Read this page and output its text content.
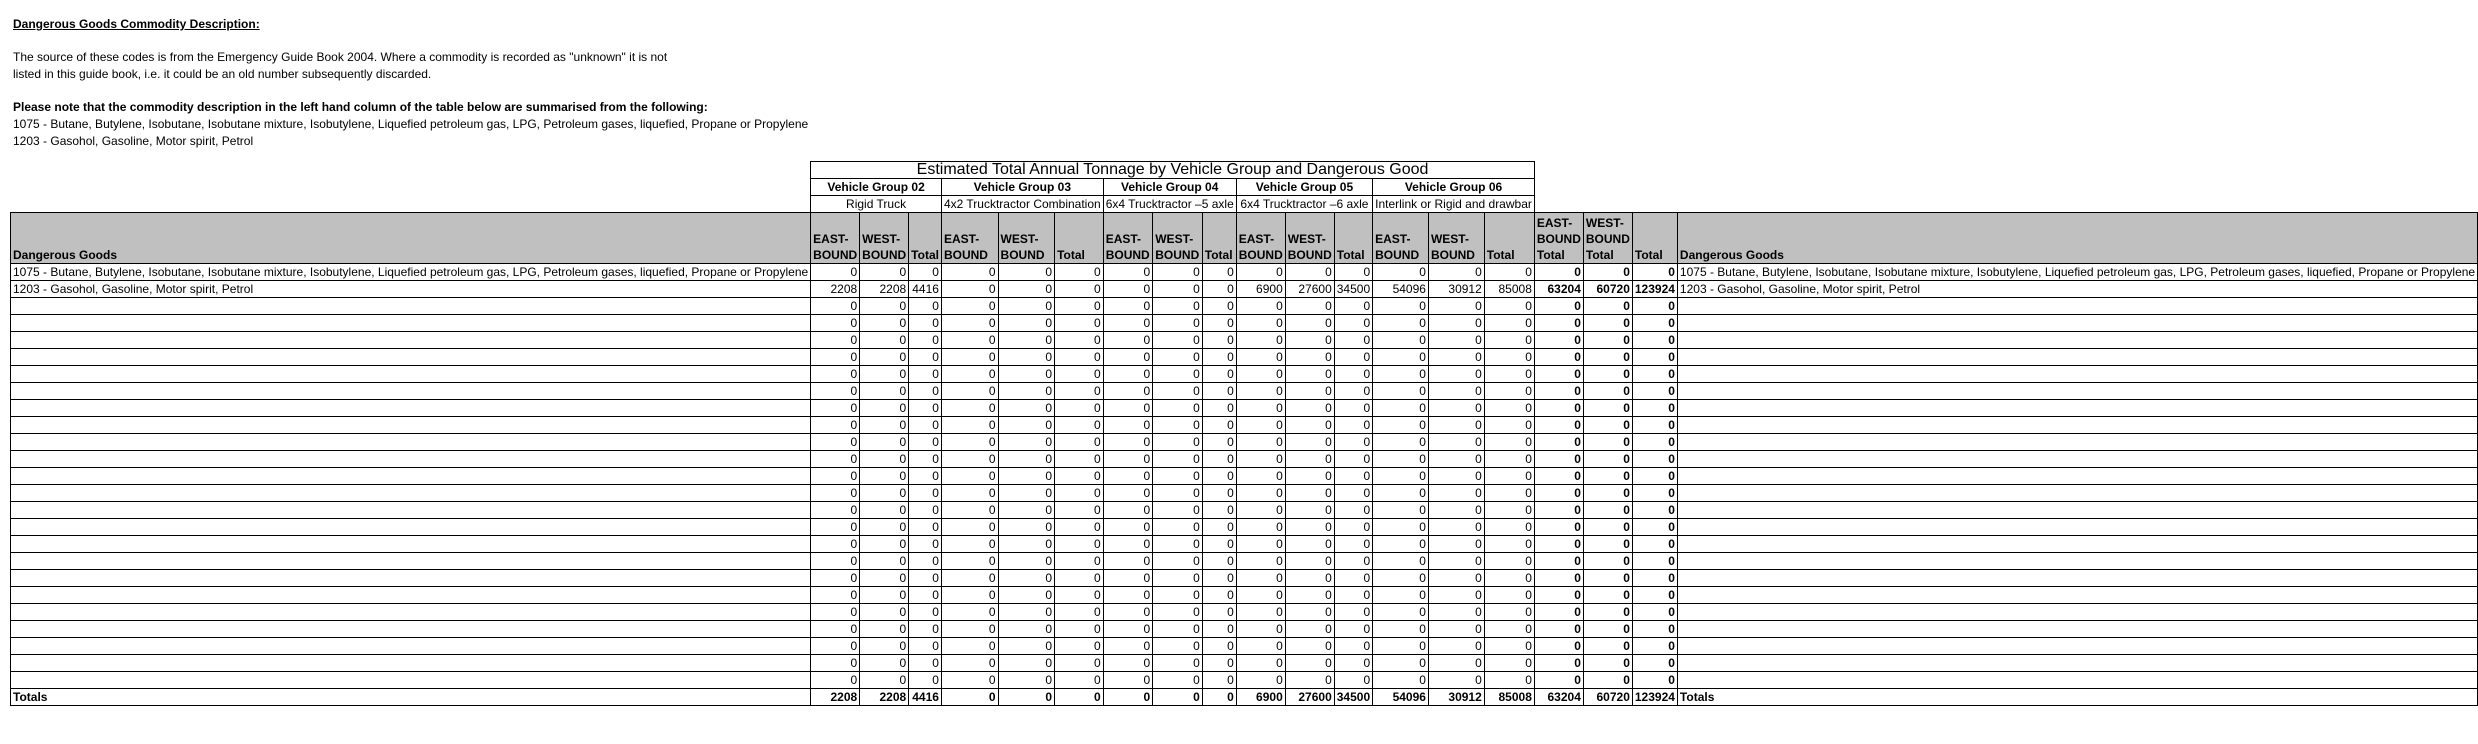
Dangerous Goods Commodity Description:
The source of these codes is from the Emergency Guide Book 2004. Where a commodity is recorded as "unknown" it is not
listed in this guide book, i.e. it could be an old number subsequently discarded.
Please note that the commodity description in the left hand column of the table below are summarised from the following:
1075 - Butane, Butylene, Isobutane, Isobutane mixture, Isobutylene, Liquefied petroleum gas, LPG, Petroleum gases, liquefied, Propane or Propylene
1203 - Gasohol, Gasoline, Motor spirit, Petrol
	Estimated Total Annual Tonnage by Vehicle Group and Dangerous Good																		
	Vehicle Group 02			Vehicle Group 03			Vehicle Group 04			Vehicle Group 05			Vehicle Group 06						
	Rigid Truck			4x2 Trucktractor Combination			6x4 Trucktractor –5 axle			6x4 Trucktractor –6 axle			Interlink or Rigid and drawbar						
Dangerous Goods	EAST-BOUND	WEST-BOUND	Total	EAST-BOUND	WEST-BOUND	Total	EAST-BOUND	WEST-BOUND	Total	EAST-BOUND	WEST-BOUND	Total	EAST-BOUND	WEST-BOUND	Total	EAST-BOUND Total	WEST-BOUND Total	Total	Dangerous Goods
1075 - Butane, Butylene, Isobutane, Isobutane mixture, Isobutylene, Liquefied petroleum gas, LPG, Petroleum gases, liquefied, Propane or Propylene	0	0	0	0	0	0	0	0	0	0	0	0	0	0	0	0	0	0	1075 - Butane, Butylene, Isobutane, Isobutane mixture, Isobutylene, Liquefied petroleum gas, LPG, Petroleum gases, liquefied, Propane or Propylene
1203 - Gasohol, Gasoline, Motor spirit, Petrol	2208	2208	4416	0	0	0	0	0	0	6900	27600	34500	54096	30912	85008	63204	60720	123924	1203 - Gasohol, Gasoline, Motor spirit, Petrol
	0	0	0	0	0	0	0	0	0	0	0	0	0	0	0	0	0	0	
	0	0	0	0	0	0	0	0	0	0	0	0	0	0	0	0	0	0	
	0	0	0	0	0	0	0	0	0	0	0	0	0	0	0	0	0	0	
	0	0	0	0	0	0	0	0	0	0	0	0	0	0	0	0	0	0	
	0	0	0	0	0	0	0	0	0	0	0	0	0	0	0	0	0	0	
	0	0	0	0	0	0	0	0	0	0	0	0	0	0	0	0	0	0	
	0	0	0	0	0	0	0	0	0	0	0	0	0	0	0	0	0	0	
	0	0	0	0	0	0	0	0	0	0	0	0	0	0	0	0	0	0	
	0	0	0	0	0	0	0	0	0	0	0	0	0	0	0	0	0	0	
	0	0	0	0	0	0	0	0	0	0	0	0	0	0	0	0	0	0	
	0	0	0	0	0	0	0	0	0	0	0	0	0	0	0	0	0	0	
	0	0	0	0	0	0	0	0	0	0	0	0	0	0	0	0	0	0	
	0	0	0	0	0	0	0	0	0	0	0	0	0	0	0	0	0	0	
	0	0	0	0	0	0	0	0	0	0	0	0	0	0	0	0	0	0	
	0	0	0	0	0	0	0	0	0	0	0	0	0	0	0	0	0	0	
	0	0	0	0	0	0	0	0	0	0	0	0	0	0	0	0	0	0	
	0	0	0	0	0	0	0	0	0	0	0	0	0	0	0	0	0	0	
	0	0	0	0	0	0	0	0	0	0	0	0	0	0	0	0	0	0	
	0	0	0	0	0	0	0	0	0	0	0	0	0	0	0	0	0	0	
	0	0	0	0	0	0	0	0	0	0	0	0	0	0	0	0	0	0	
	0	0	0	0	0	0	0	0	0	0	0	0	0	0	0	0	0	0	
	0	0	0	0	0	0	0	0	0	0	0	0	0	0	0	0	0	0	
	0	0	0	0	0	0	0	0	0	0	0	0	0	0	0	0	0	0	
Totals	2208	2208	4416	0	0	0	0	0	0	6900	27600	34500	54096	30912	85008	63204	60720	123924	Totals
